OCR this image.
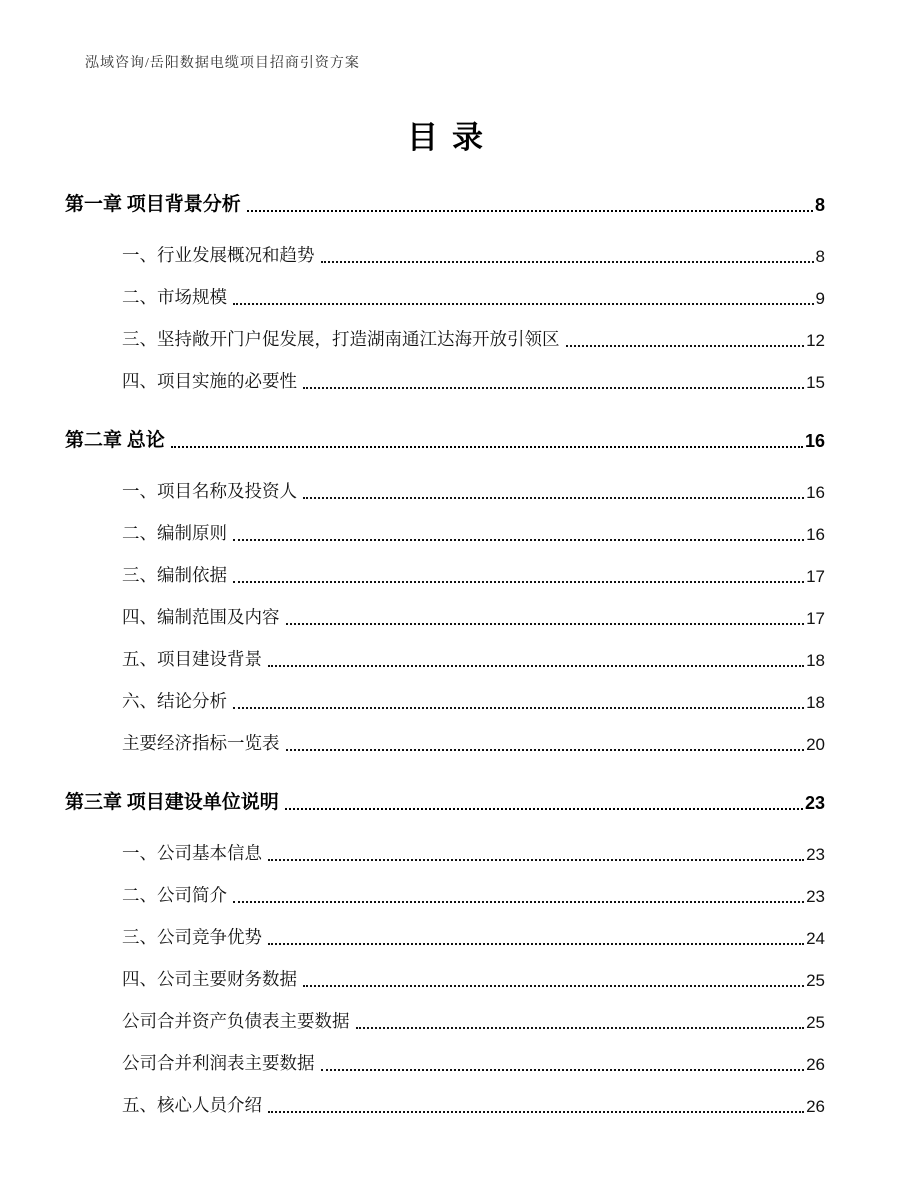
泓域咨询/岳阳数据电缆项目招商引资方案
目录
第一章 项目背景分析	8
一、行业发展概况和趋势	8
二、市场规模	9
三、坚持敞开门户促发展，打造湖南通江达海开放引领区	12
四、项目实施的必要性	15
第二章 总论	16
一、项目名称及投资人	16
二、编制原则	16
三、编制依据	17
四、编制范围及内容	17
五、项目建设背景	18
六、结论分析	18
主要经济指标一览表	20
第三章 项目建设单位说明	23
一、公司基本信息	23
二、公司简介	23
三、公司竞争优势	24
四、公司主要财务数据	25
公司合并资产负债表主要数据	25
公司合并利润表主要数据	26
五、核心人员介绍	26
